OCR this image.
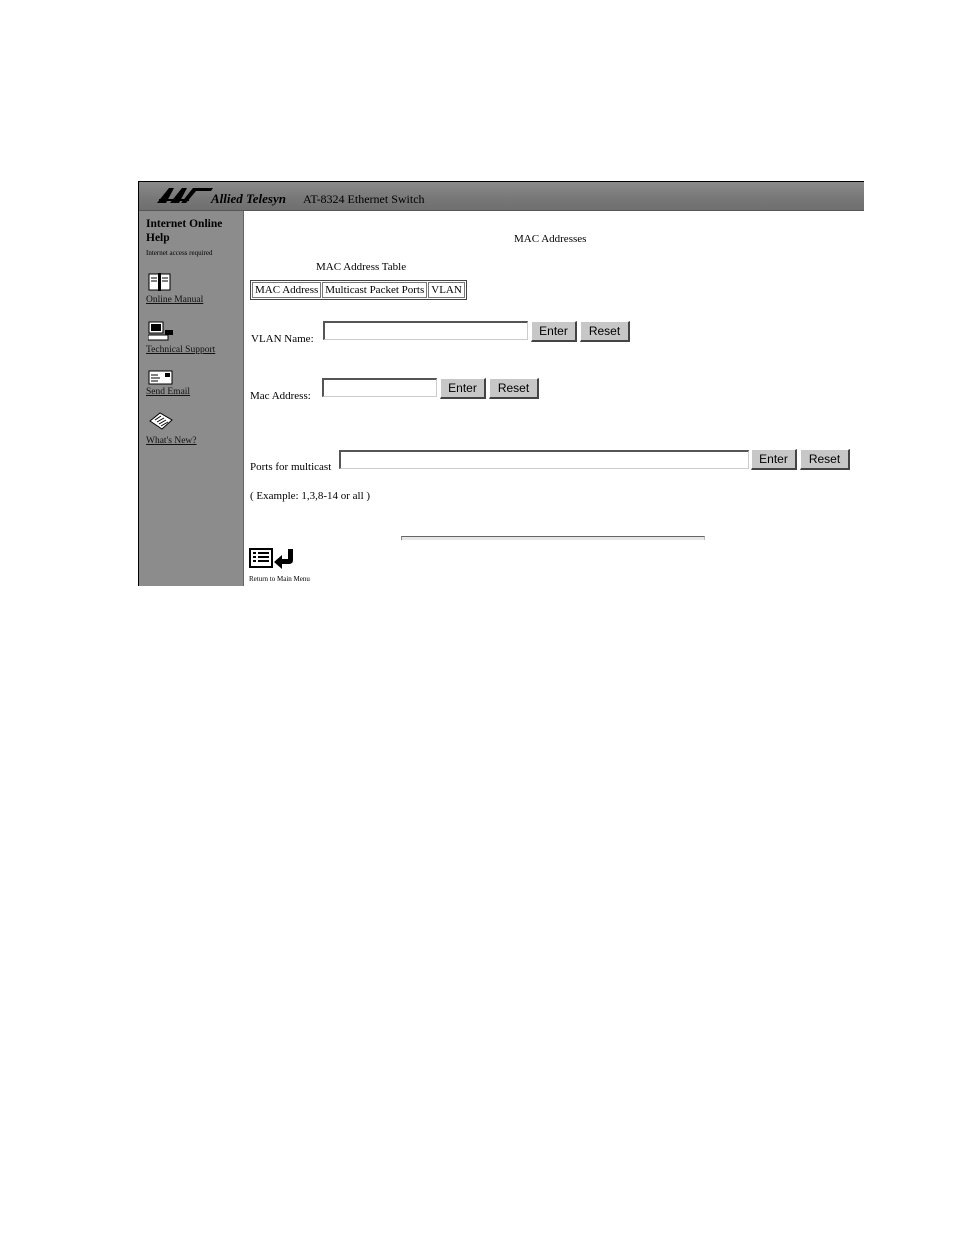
Allied Telesyn AT-8324 Ethernet Switch
Internet Online Help
Internet access required
Online Manual
Technical Support
Send Email
What's New?
MAC Addresses
MAC Address Table
MAC Address	Multicast Packet Ports	VLAN
VLAN Name:
Enter	Reset
Mac Address:
Enter	Reset
Ports for multicast
Enter	Reset
( Example: 1,3,8-14 or all )
Return to Main Menu
